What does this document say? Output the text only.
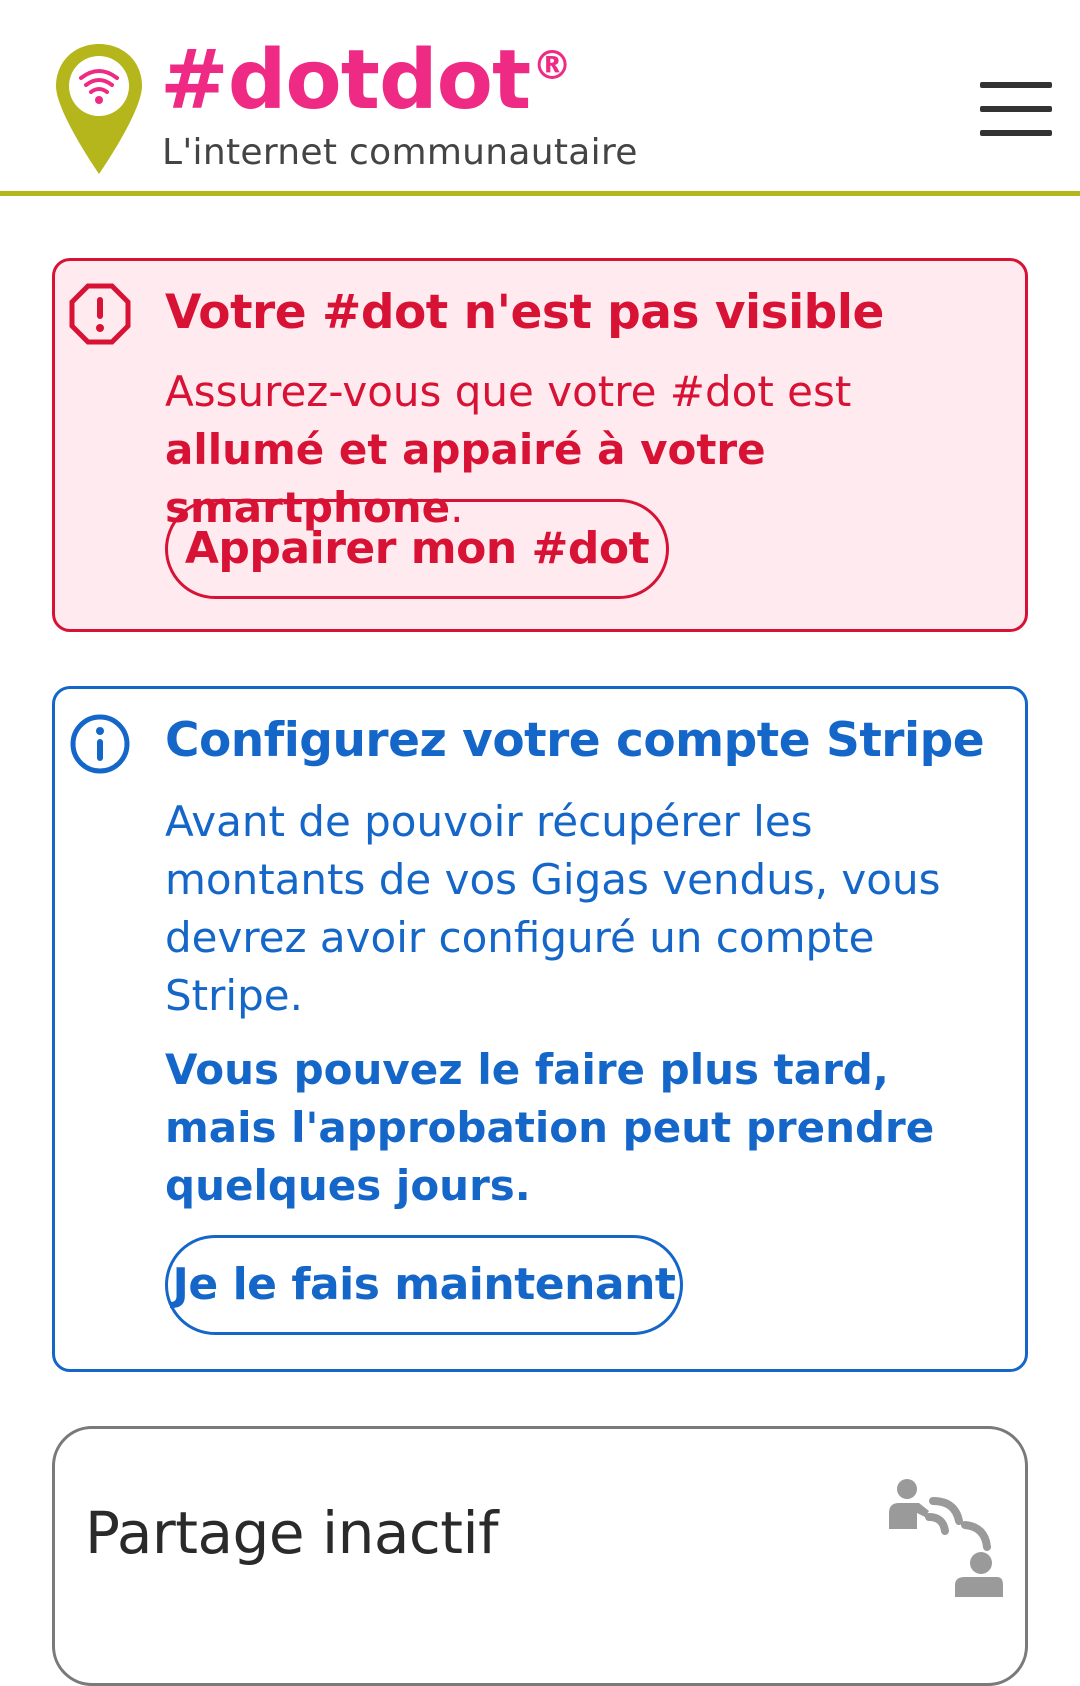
#dotdot®
L'internet communautaire
Votre #dot n'est pas visible
Assurez-vous que votre #dot est
allumé et appairé à votre smartphone.
Appairer mon #dot
Configurez votre compte Stripe
Avant de pouvoir récupérer les montants de vos Gigas vendus, vous devrez avoir configuré un compte Stripe.
Vous pouvez le faire plus tard, mais l'approbation peut prendre quelques jours.
Je le fais maintenant
Partage inactif
